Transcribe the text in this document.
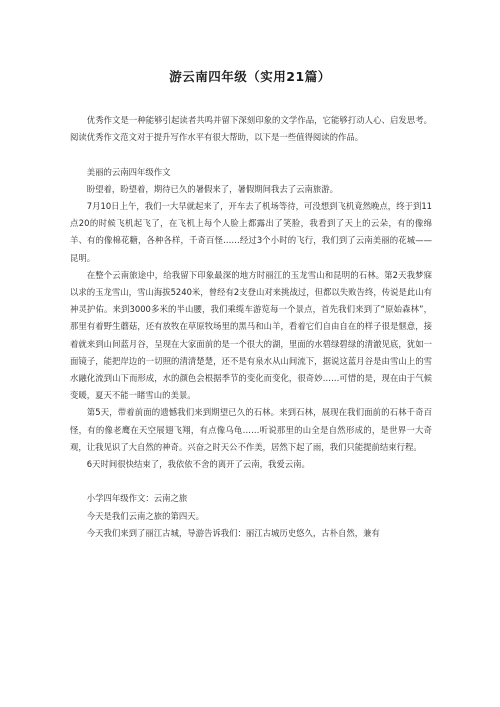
游云南四年级（实用21篇）

优秀作文是一种能够引起读者共鸣并留下深刻印象的文学作品，它能够打动人心、启发思考。阅读优秀作文范文对于提升写作水平有很大帮助，以下是一些值得阅读的作品。

美丽的云南四年级作文

盼望着，盼望着，期待已久的暑假来了，暑假期间我去了云南旅游。

7月10日上午，我们一大早就起来了，开车去了机场等待，可没想到飞机竟然晚点，终于到11点20的时候飞机起飞了，在飞机上每个人脸上都露出了笑脸，我看到了天上的云朵，有的像绵羊、有的像棉花糖，各种各样，千奇百怪……经过3个小时的飞行，我们到了云南美丽的花城——昆明。

在整个云南旅途中，给我留下印象最深的地方时丽江的玉龙雪山和昆明的石林。第2天我梦寐以求的玉龙雪山，雪山海拔5240米，曾经有2支登山对来挑战过，但都以失败告终，传说是此山有神灵护佑。来到3000多米的半山腰，我们乘缆车游览每一个景点，首先我们来到了“原始森林”，那里有着野生蘑菇，还有放牧在草原牧场里的黑马和山羊，看着它们自由自在的样子很是惬意，接着就来到山间蓝月谷，呈现在大家面前的是一个很大的湖，里面的水碧绿碧绿的清澈见底，犹如一面镜子，能把岸边的一切照的清清楚楚，还不是有泉水从山间流下，据说这蓝月谷是由雪山上的雪水融化流到山下而形成，水的颜色会根据季节的变化而变化，很奇妙……可惜的是，现在由于气候变暖，夏天不能一睹雪山的美景。

第5天，带着前面的遗憾我们来到期望已久的石林。来到石林，展现在我们面前的石林千奇百怪，有的像老鹰在天空展翅飞翔，有点像乌龟……听说那里的山全是自然形成的，是世界一大奇观，让我见识了大自然的神奇。兴奋之时天公不作美，居然下起了雨，我们只能提前结束行程。

6天时间很快结束了，我依依不舍的离开了云南，我爱云南。

小学四年级作文：云南之旅

今天是我们云南之旅的第四天。

今天我们来到了丽江古城，导游告诉我们：丽江古城历史悠久，古朴自然，兼有
